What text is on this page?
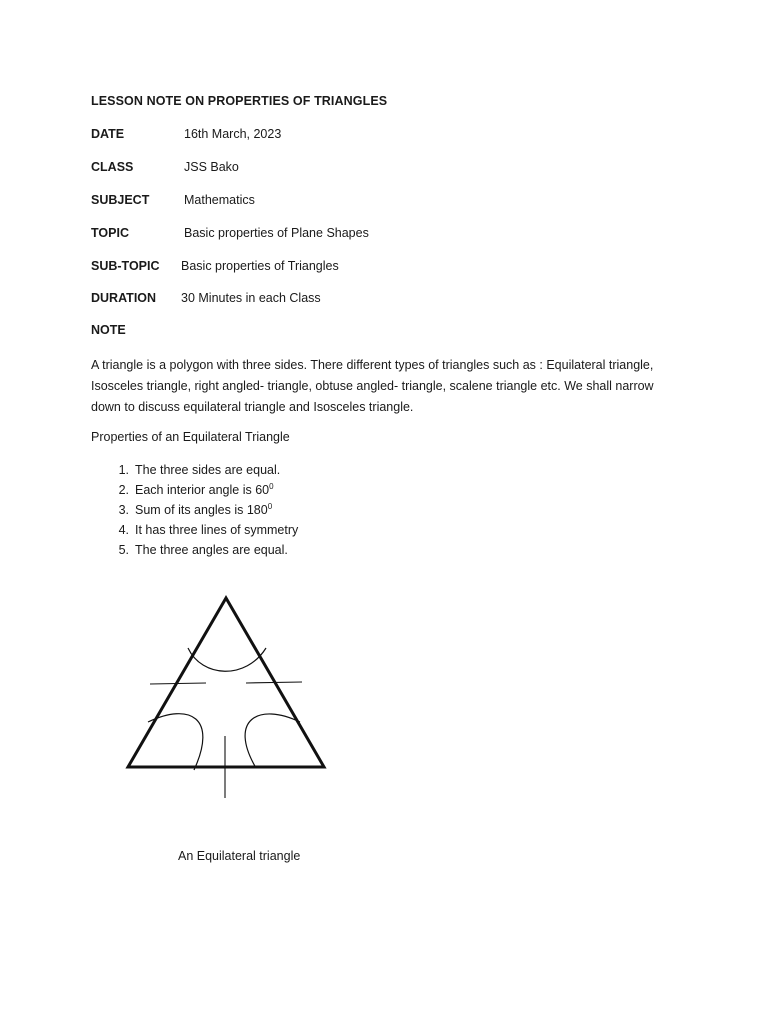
LESSON NOTE ON PROPERTIES OF TRIANGLES
DATE	16th March, 2023
CLASS	JSS Bako
SUBJECT	Mathematics
TOPIC	Basic properties of Plane Shapes
SUB-TOPIC Basic properties of Triangles
DURATION 30 Minutes in each Class
NOTE
A triangle is a polygon with three sides. There different types of triangles such as : Equilateral triangle, Isosceles triangle, right angled- triangle, obtuse angled- triangle, scalene triangle etc. We shall narrow down to discuss equilateral triangle and Isosceles triangle.
Properties of an Equilateral Triangle
1. The three sides are equal.
2. Each interior angle is $60^0$
3. Sum of its angles is $180^0$
4. It has three lines of symmetry
5. The three angles are equal.
An Equilateral triangle
